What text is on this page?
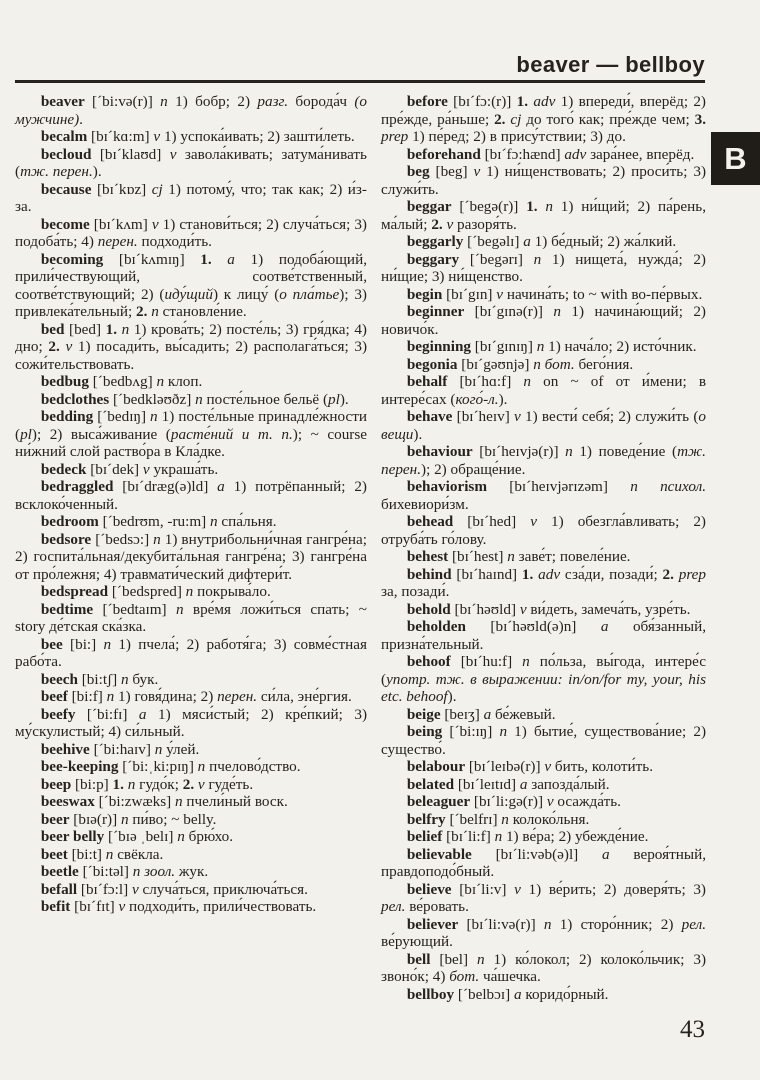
beaver — bellboy
B

beaver [´bi:və(r)] n 1) бобр; 2) разг. борода́ч (о мужчине).

becalm [bɪ´kɑ:m] v 1) успока́ивать; 2) зашти́леть.

becloud [bɪ´klaʊd] v завола́кивать; затума́нивать (тж. перен.).

because [bɪ´kɒz] cj 1) потому́, что; так как; 2) и́з-за.

become [bɪ´kʌm] v 1) станови́ться; 2) случа́ться; 3) подоба́ть; 4) перен. подходи́ть.

becoming [bɪ´kʌmɪŋ] 1. a 1) подоба́ющий, прили́чествующий, соотве́тственный, соотве́тствующий; 2) (иду́щий) к лицу́ (о пла́тье); 3) привлека́тельный; 2. n становле́ние.

bed [bed] 1. n 1) крова́ть; 2) посте́ль; 3) гря́дка; 4) дно; 2. v 1) посади́ть, вы́садить; 2) располага́ться; 3) сожи́тельствовать.

bedbug [´bedbʌg] n клоп.

bedclothes [´bedkləʊðz] n посте́льное бельё (pl).

bedding [´bedɪŋ] n 1) посте́льные принадле́жности (pl); 2) выса́живание (расте́ний и т. п.); ~ course ни́жний слой раство́ра в Кла́дке.

bedeck [bɪ´dek] v украша́ть.

bedraggled [bɪ´dræg(ə)ld] a 1) потрёпанный; 2) всклоко́ченный.

bedroom [´bedrʊm, -ru:m] n спа́льня.

bedsore [´bedsɔ:] n 1) внутрибольни́чная гангре́на; 2) госпита́льная/декубита́льная гангре́на; 3) гангре́на от про́лежня; 4) травмати́ческий дифтери́т.

bedspread [´bedspred] n покрыва́ло.

bedtime [´bedtaɪm] n вре́мя ложи́ться спать; ~ story де́тская ска́зка.

bee [bi:] n 1) пчела́; 2) работя́га; 3) совме́стная рабо́та.

beech [bi:tʃ] n бук.

beef [bi:f] n 1) говя́дина; 2) перен. си́ла, эне́ргия.

beefy [´bi:fɪ] a 1) мяси́стый; 2) кре́пкий; 3) му́скулистый; 4) си́льный.

beehive [´bi:haɪv] n у́лей.

bee-keeping [´bi:ˌki:pɪŋ] n пчелово́дство.

beep [bi:p] 1. n гудо́к; 2. v гуде́ть.

beeswax [´bi:zwæks] n пчели́ный воск.

beer [bɪə(r)] n пи́во; ~ belly.

beer belly [´bɪə ˌbelɪ] n брю́хо.

beet [bi:t] n свёкла.

beetle [´bi:təl] n зоол. жук.

befall [bɪ´fɔ:l] v случа́ться, приключа́ться.

befit [bɪ´fɪt] v подходи́ть, прили́чествовать.

before [bɪ´fɔ:(r)] 1. adv 1) впереди́, вперёд; 2) пре́жде, ра́ньше; 2. cj до того́ как; пре́жде чем; 3. prep 1) пе́ред; 2) в прису́тствии; 3) до.

beforehand [bɪ´fɔ:hænd] adv зара́нее, вперёд.

beg [beg] v 1) ни́щенствовать; 2) проси́ть; 3) служи́ть.

beggar [´begə(r)] 1. n 1) ни́щий; 2) па́рень, ма́лый; 2. v разоря́ть.

beggarly [´begəlɪ] a 1) бе́дный; 2) жа́лкий.

beggary [´begərɪ] n 1) нищета́, нужда́; 2) ни́щие; 3) ни́щенство.

begin [bɪ´gɪn] v начина́ть; to ~ with во-пе́рвых.

beginner [bɪ´gɪnə(r)] n 1) начина́ющий; 2) новичо́к.

beginning [bɪ´gɪnɪŋ] n 1) нача́ло; 2) исто́чник.

begonia [bɪ´gəʊnjə] n бот. бего́ния.

behalf [bɪ´hɑ:f] n on ~ of от и́мени; в интере́сах (кого́-л.).

behave [bɪ´heɪv] v 1) вести́ себя́; 2) служи́ть (о вещи).

behaviour [bɪ´heɪvjə(r)] n 1) поведе́ние (тж. перен.); 2) обраще́ние.

behaviorism [bɪ´heɪvjərɪzəm] n психол. бихевиори́зм.

behead [bɪ´hed] v 1) обезгла́вливать; 2) отруба́ть го́лову.

behest [bɪ´hest] n заве́т; повеле́ние.

behind [bɪ´haɪnd] 1. adv сза́ди, позади́; 2. prep за, позади́.

behold [bɪ´həʊld] v ви́деть, замеча́ть, узре́ть.

beholden [bɪ´həʊld(ə)n] a обя́занный, призна́тельный.

behoof [bɪ´hu:f] n по́льза, вы́года, интере́с (употр. тж. в выражении: in/on/for my, your, his etc. behoof).

beige [beɪʒ] a бе́жевый.

being [´bi:ɪŋ] n 1) бытие́, существова́ние; 2) существо́.

belabour [bɪ´leɪbə(r)] v бить, колоти́ть.

belated [bɪ´leɪtɪd] a запозда́лый.

beleaguer [bɪ´li:gə(r)] v осажда́ть.

belfry [´belfrɪ] n колоко́льня.

belief [bɪ´li:f] n 1) ве́ра; 2) убежде́ние.

believable [bɪ´li:vəb(ə)l] a вероя́тный, правдоподо́бный.

believe [bɪ´li:v] v 1) ве́рить; 2) доверя́ть; 3) рел. ве́ровать.

believer [bɪ´li:və(r)] n 1) сторо́нник; 2) рел. ве́рующий.

bell [bel] n 1) ко́локол; 2) колоко́льчик; 3) звоно́к; 4) бот. ча́шечка.

bellboy [´belbɔɪ] a коридо́рный.

43
